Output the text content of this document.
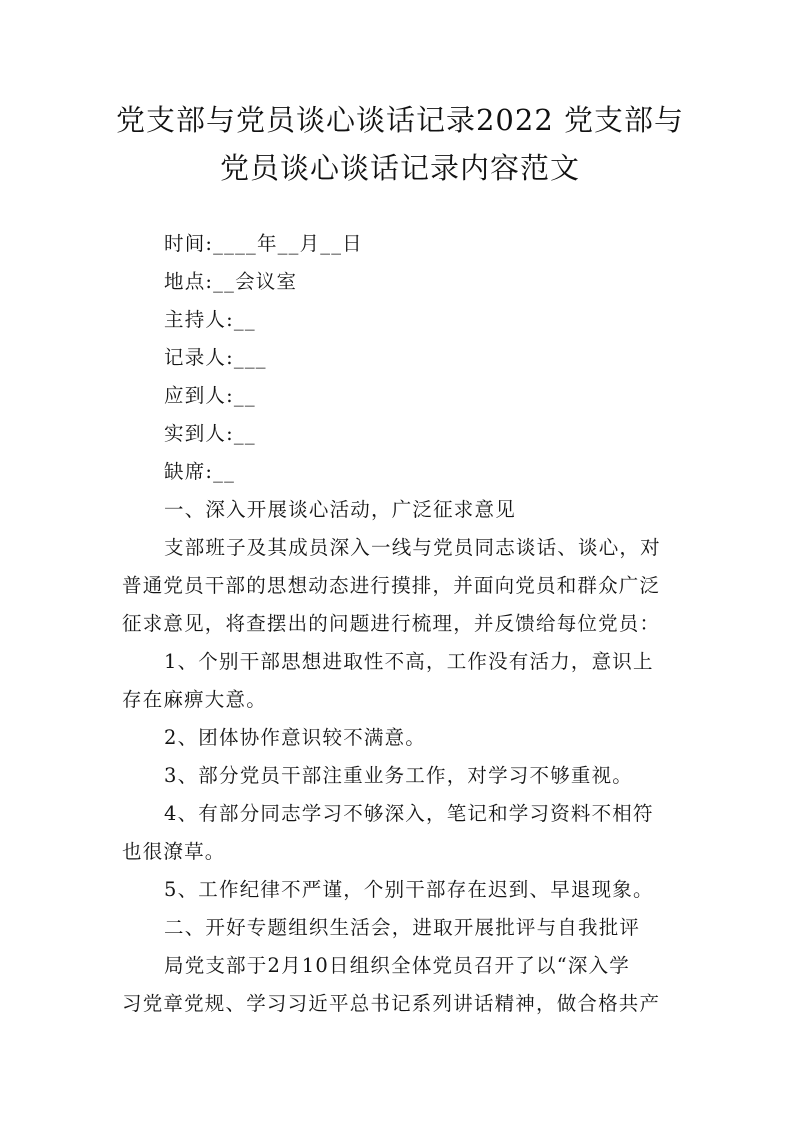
党支部与党员谈心谈话记录2022 党支部与
党员谈心谈话记录内容范文
时间:____年__月__日
地点:__会议室
主持人:__
记录人:___
应到人:__
实到人:__
缺席:__
一、深入开展谈心活动，广泛征求意见
支部班子及其成员深入一线与党员同志谈话、谈心，对
普通党员干部的思想动态进行摸排，并面向党员和群众广泛
征求意见，将查摆出的问题进行梳理，并反馈给每位党员：
1、个别干部思想进取性不高，工作没有活力，意识上
存在麻痹大意。
2、团体协作意识较不满意。
3、部分党员干部注重业务工作，对学习不够重视。
4、有部分同志学习不够深入，笔记和学习资料不相符
也很潦草。
5、工作纪律不严谨，个别干部存在迟到、早退现象。
二、开好专题组织生活会，进取开展批评与自我批评
局党支部于2月10日组织全体党员召开了以“深入学
习党章党规、学习习近平总书记系列讲话精神，做合格共产
